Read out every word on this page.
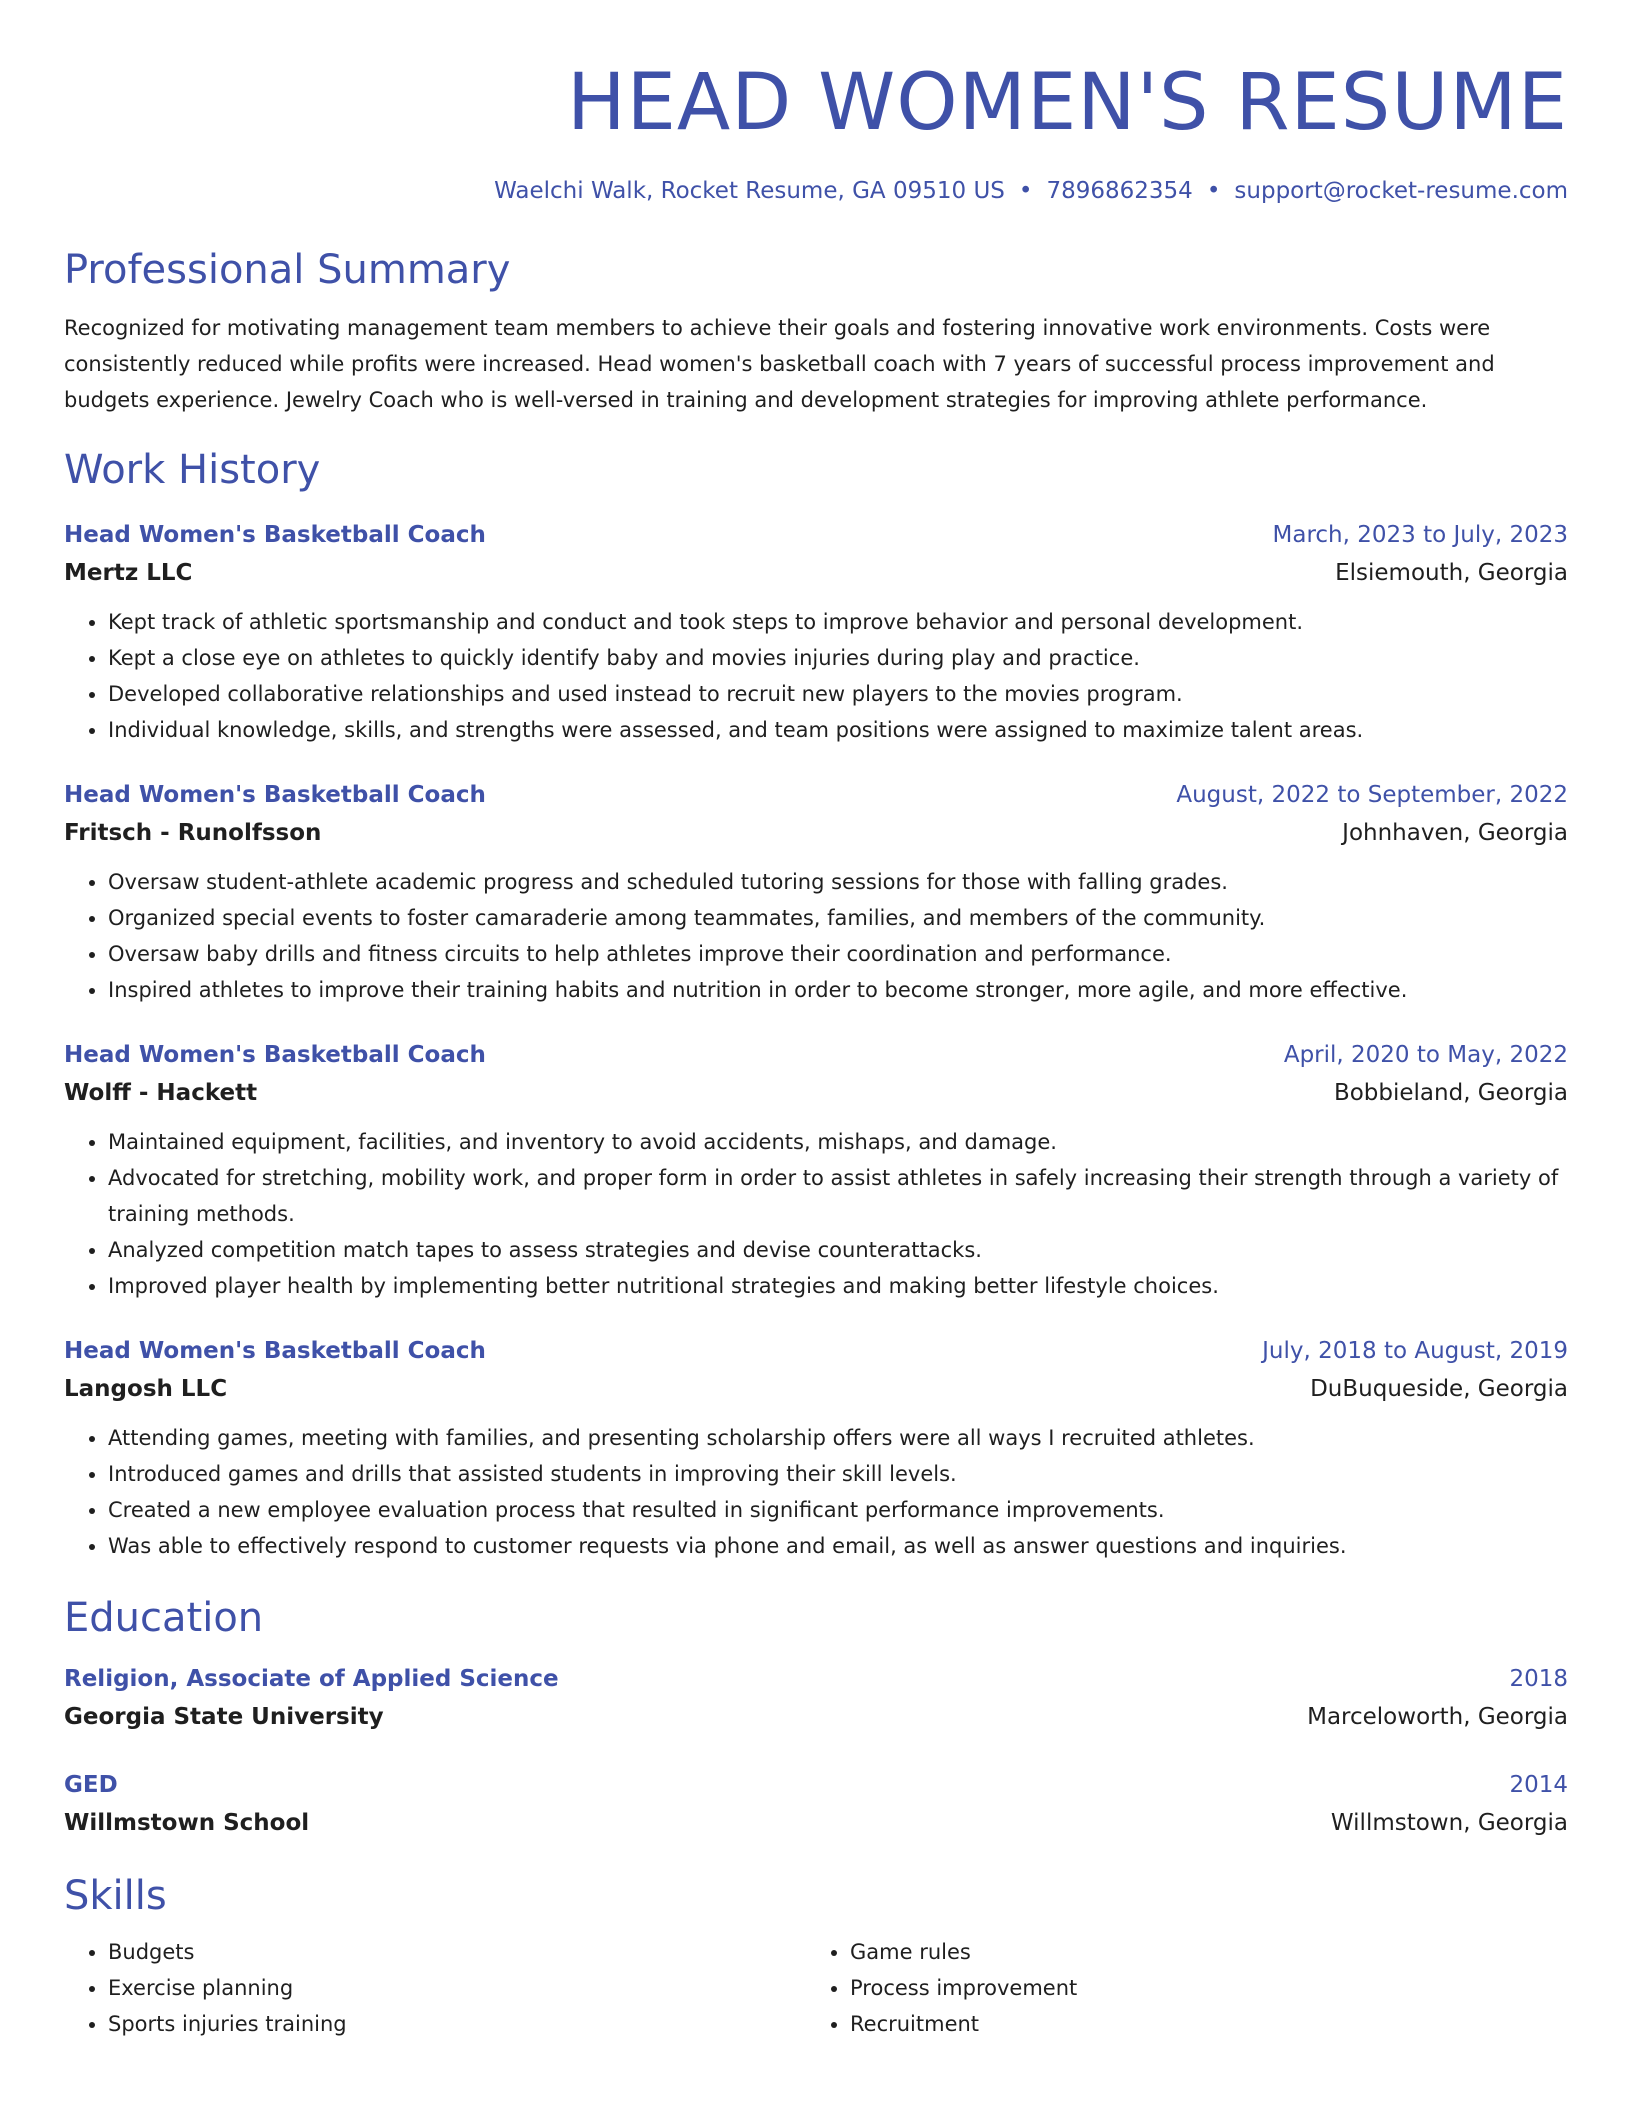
HEAD WOMEN'S RESUME
Waelchi Walk, Rocket Resume, GA 09510 US • 7896862354 • support@rocket-resume.com
Professional Summary
Recognized for motivating management team members to achieve their goals and fostering innovative work environments. Costs were consistently reduced while profits were increased. Head women's basketball coach with 7 years of successful process improvement and budgets experience. Jewelry Coach who is well-versed in training and development strategies for improving athlete performance.
Work History
Head Women's Basketball Coach	March, 2023 to July, 2023
Mertz LLC	Elsiemouth, Georgia
• Kept track of athletic sportsmanship and conduct and took steps to improve behavior and personal development.
• Kept a close eye on athletes to quickly identify baby and movies injuries during play and practice.
• Developed collaborative relationships and used instead to recruit new players to the movies program.
• Individual knowledge, skills, and strengths were assessed, and team positions were assigned to maximize talent areas.
Head Women's Basketball Coach	August, 2022 to September, 2022
Fritsch - Runolfsson	Johnhaven, Georgia
• Oversaw student-athlete academic progress and scheduled tutoring sessions for those with falling grades.
• Organized special events to foster camaraderie among teammates, families, and members of the community.
• Oversaw baby drills and fitness circuits to help athletes improve their coordination and performance.
• Inspired athletes to improve their training habits and nutrition in order to become stronger, more agile, and more effective.
Head Women's Basketball Coach	April, 2020 to May, 2022
Wolff - Hackett	Bobbieland, Georgia
• Maintained equipment, facilities, and inventory to avoid accidents, mishaps, and damage.
• Advocated for stretching, mobility work, and proper form in order to assist athletes in safely increasing their strength through a variety of training methods.
• Analyzed competition match tapes to assess strategies and devise counterattacks.
• Improved player health by implementing better nutritional strategies and making better lifestyle choices.
Head Women's Basketball Coach	July, 2018 to August, 2019
Langosh LLC	DuBuqueside, Georgia
• Attending games, meeting with families, and presenting scholarship offers were all ways I recruited athletes.
• Introduced games and drills that assisted students in improving their skill levels.
• Created a new employee evaluation process that resulted in significant performance improvements.
• Was able to effectively respond to customer requests via phone and email, as well as answer questions and inquiries.
Education
Religion, Associate of Applied Science	2018
Georgia State University	Marceloworth, Georgia
GED	2014
Willmstown School	Willmstown, Georgia
Skills
• Budgets
• Exercise planning
• Sports injuries training
• Game rules
• Process improvement
• Recruitment
